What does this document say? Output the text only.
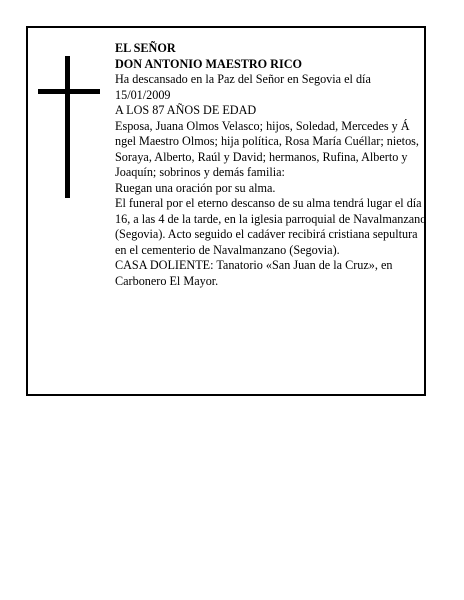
EL SEÑOR

DON ANTONIO MAESTRO RICO

Ha descansado en la Paz del Señor en Segovia el día 15/01/2009

A LOS 87 AÑOS DE EDAD

Esposa, Juana Olmos Velasco; hijos, Soledad, Mercedes y Á ngel Maestro Olmos; hija política, Rosa María Cuéllar; nietos, Soraya, Alberto, Raúl y David; hermanos, Rufina, Alberto y Joaquín; sobrinos y demás familia:

Ruegan una oración por su alma.

El funeral por el eterno descanso de su alma tendrá lugar el día 16, a las 4 de la tarde, en la iglesia parroquial de Navalmanzano (Segovia). Acto seguido el cadáver recibirá cristiana sepultura en el cementerio de Navalmanzano (Segovia).

CASA DOLIENTE: Tanatorio «San Juan de la Cruz», en Carbonero El Mayor.
